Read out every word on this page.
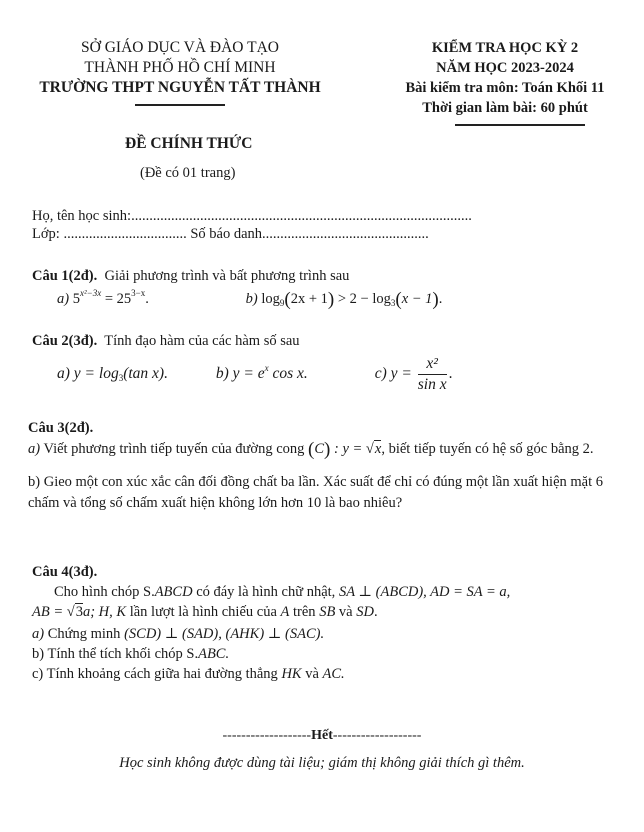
SỞ GIÁO DỤC VÀ ĐÀO TẠO
THÀNH PHỐ HỒ CHÍ MINH
TRƯỜNG THPT NGUYỄN TẤT THÀNH
KIỂM TRA HỌC KỲ 2
NĂM HỌC 2023-2024
Bài kiểm tra môn: Toán Khối 11
Thời gian làm bài: 60 phút
ĐỀ CHÍNH THỨC
(Đề có 01 trang)
Họ, tên học sinh:..............................................................................................
Lớp: .................................. Số báo danh..............................................
Câu 1(2đ). Giải phương trình và bất phương trình sau
a) $5^{x^2-3x} = 25^{3-x}$.	b) $\log_9(2x + 1) > 2 - \log_3(x - 1)$.
Câu 2(3đ). Tính đạo hàm của các hàm số sau
a) $y = \log_3(\tan$ x).	b) $y = e^x$ cos x.	c) $y = \frac{\text{x²}}{\text{sin x}}$ .
Câu 3(2đ).
a) Viết phương trình tiếp tuyến của đường cong (C) : y = √x, biết tiếp tuyến có hệ số góc bằng 2.
b) Gieo một con xúc xắc cân đối đồng chất ba lần. Xác suất để chỉ có đúng một lần xuất hiện mặt 6 chấm và tổng số chấm xuất hiện không lớn hơn 10 là bao nhiêu?
Câu 4(3đ).
Cho hình chóp S.ABCD có đáy là hình chữ nhật, SA ⊥ (ABCD), AD = SA = a,
AB = √3a; H, K lần lượt là hình chiếu của A trên SB và SD.
a) Chứng minh (SCD) ⊥ (SAD), (AHK) ⊥ (SAC).
b) Tính thể tích khối chóp S.ABC.
c) Tính khoảng cách giữa hai đường thẳng HK và AC.
-------------------Hết-------------------
Học sinh không được dùng tài liệu; giám thị không giải thích gì thêm.
